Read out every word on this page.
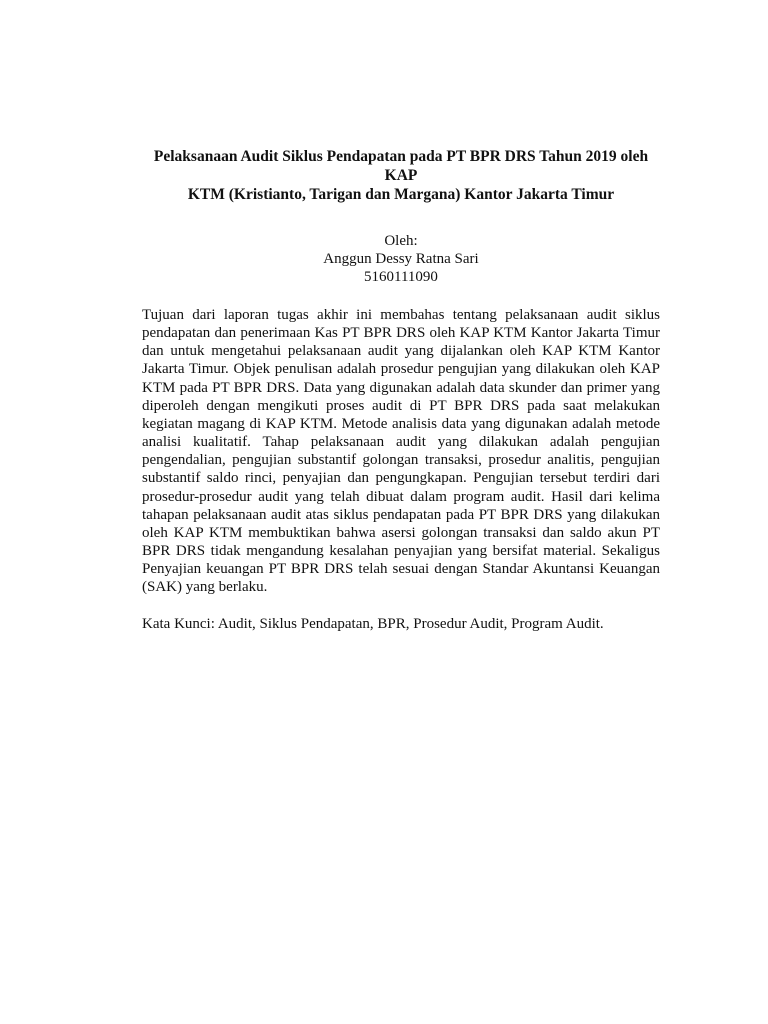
Pelaksanaan Audit Siklus Pendapatan pada PT BPR DRS Tahun 2019 oleh KAP
KTM (Kristianto, Tarigan dan Margana) Kantor Jakarta Timur
Oleh:
Anggun Dessy Ratna Sari
5160111090
Tujuan dari laporan tugas akhir ini membahas tentang pelaksanaan audit siklus
pendapatan dan penerimaan Kas PT BPR DRS oleh KAP KTM Kantor Jakarta Timur
dan untuk mengetahui pelaksanaan audit yang dijalankan oleh KAP KTM Kantor
Jakarta Timur. Objek penulisan adalah prosedur pengujian yang dilakukan oleh KAP
KTM pada PT BPR DRS. Data yang digunakan adalah data skunder dan primer yang
diperoleh dengan mengikuti proses audit di PT BPR DRS pada saat melakukan
kegiatan magang di KAP KTM. Metode analisis data yang digunakan adalah metode
analisi kualitatif. Tahap pelaksanaan audit yang dilakukan adalah pengujian
pengendalian, pengujian substantif golongan transaksi, prosedur analitis, pengujian
substantif saldo rinci, penyajian dan pengungkapan. Pengujian tersebut terdiri dari
prosedur-prosedur audit yang telah dibuat dalam program audit. Hasil dari kelima
tahapan pelaksanaan audit atas siklus pendapatan pada PT BPR DRS yang dilakukan
oleh KAP KTM membuktikan bahwa asersi golongan transaksi dan saldo akun PT
BPR DRS tidak mengandung kesalahan penyajian yang bersifat material. Sekaligus
Penyajian keuangan PT BPR DRS telah sesuai dengan Standar Akuntansi Keuangan
(SAK) yang berlaku.
Kata Kunci: Audit, Siklus Pendapatan, BPR, Prosedur Audit, Program Audit.
